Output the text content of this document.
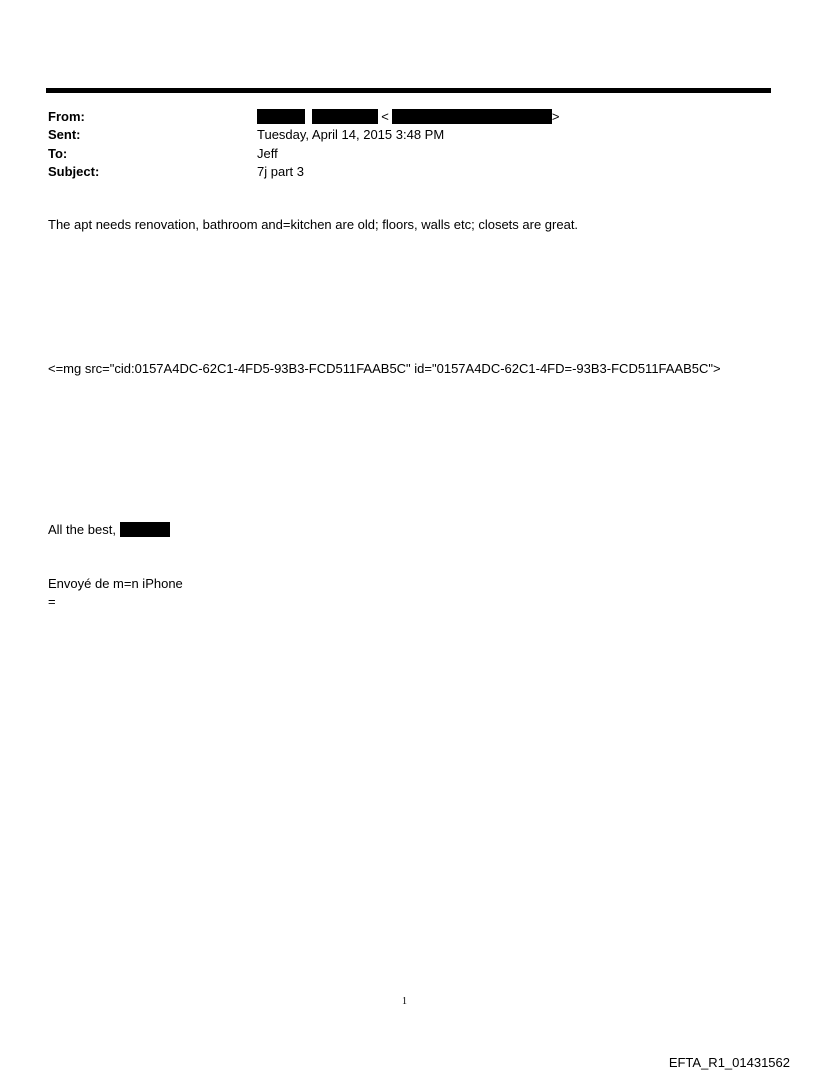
From:	<	>
Sent:	Tuesday, April 14, 2015 3:48 PM
To:	Jeff
Subject:	7j part 3
The apt needs renovation, bathroom and=kitchen are old; floors, walls etc; closets are great.
<=mg src="cid:0157A4DC-62C1-4FD5-93B3-FCD511FAAB5C" id="0157A4DC-62C1-4FD=-93B3-FCD511FAAB5C">
All the best,
Envoyé de m=n iPhone
=
1
EFTA_R1_01431562
